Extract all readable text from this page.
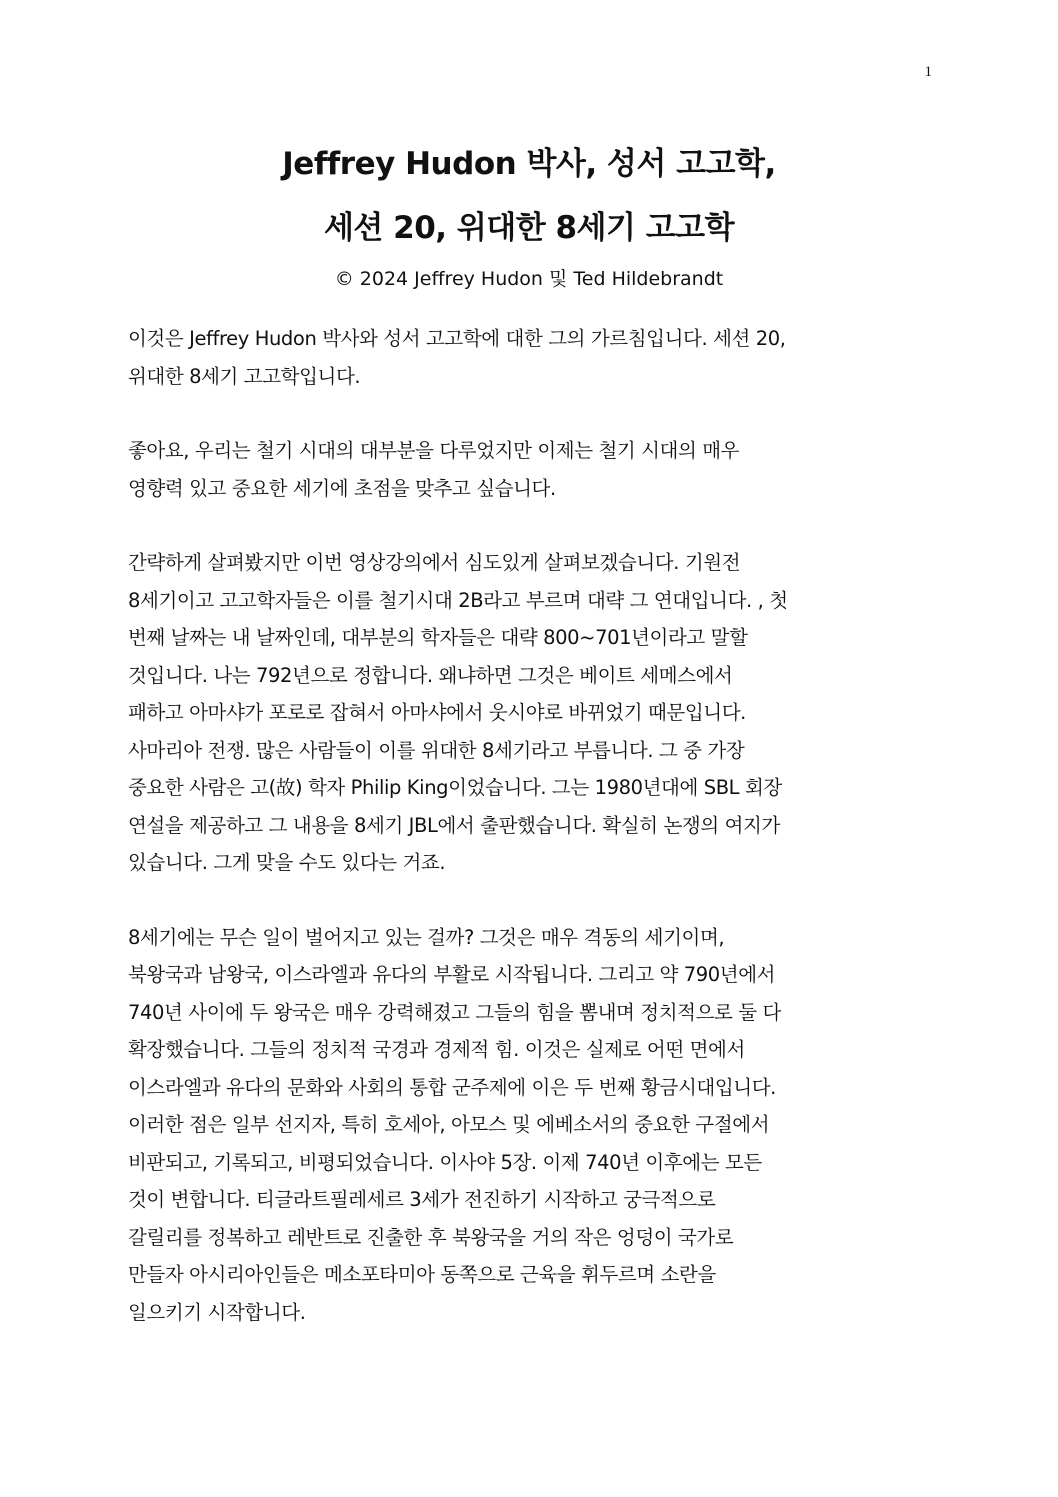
1
Jeffrey Hudon 박사, 성서 고고학,
세션 20, 위대한 8세기 고고학
© 2024 Jeffrey Hudon 및 Ted Hildebrandt

이것은 Jeffrey Hudon 박사와 성서 고고학에 대한 그의 가르침입니다. 세션 20,
위대한 8세기 고고학입니다.

좋아요, 우리는 철기 시대의 대부분을 다루었지만 이제는 철기 시대의 매우
영향력 있고 중요한 세기에 초점을 맞추고 싶습니다.

간략하게 살펴봤지만 이번 영상강의에서 심도있게 살펴보겠습니다. 기원전
8세기이고 고고학자들은 이를 철기시대 2B라고 부르며 대략 그 연대입니다. , 첫
번째 날짜는 내 날짜인데, 대부분의 학자들은 대략 800~701년이라고 말할
것입니다. 나는 792년으로 정합니다. 왜냐하면 그것은 베이트 세메스에서
패하고 아마샤가 포로로 잡혀서 아마샤에서 웃시야로 바뀌었기 때문입니다.
사마리아 전쟁. 많은 사람들이 이를 위대한 8세기라고 부릅니다. 그 중 가장
중요한 사람은 고(故) 학자 Philip King이었습니다. 그는 1980년대에 SBL 회장
연설을 제공하고 그 내용을 8세기 JBL에서 출판했습니다. 확실히 논쟁의 여지가
있습니다. 그게 맞을 수도 있다는 거죠.

8세기에는 무슨 일이 벌어지고 있는 걸까? 그것은 매우 격동의 세기이며,
북왕국과 남왕국, 이스라엘과 유다의 부활로 시작됩니다. 그리고 약 790년에서
740년 사이에 두 왕국은 매우 강력해졌고 그들의 힘을 뽐내며 정치적으로 둘 다
확장했습니다. 그들의 정치적 국경과 경제적 힘. 이것은 실제로 어떤 면에서
이스라엘과 유다의 문화와 사회의 통합 군주제에 이은 두 번째 황금시대입니다.
이러한 점은 일부 선지자, 특히 호세아, 아모스 및 에베소서의 중요한 구절에서
비판되고, 기록되고, 비평되었습니다. 이사야 5장. 이제 740년 이후에는 모든
것이 변합니다. 티글라트필레세르 3세가 전진하기 시작하고 궁극적으로
갈릴리를 정복하고 레반트로 진출한 후 북왕국을 거의 작은 엉덩이 국가로
만들자 아시리아인들은 메소포타미아 동쪽으로 근육을 휘두르며 소란을
일으키기 시작합니다.
